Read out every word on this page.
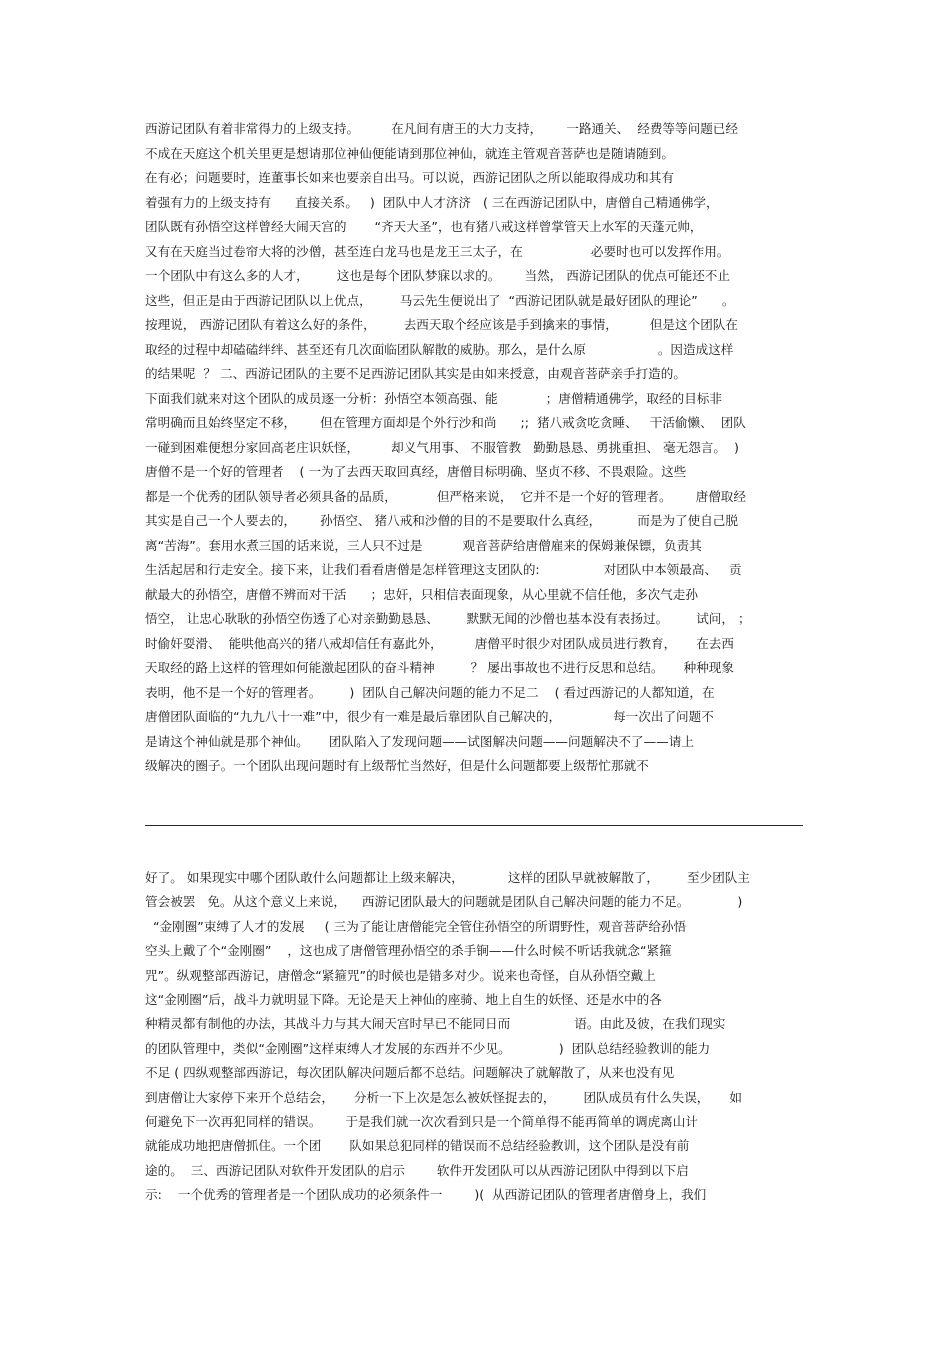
西游记团队有着非常得力的上级支持。        在凡间有唐王的大力支持，      一路通关、  经费等等问题已经
不成在天庭这个机关里更是想请那位神仙便能请到那位神仙，就连主管观音菩萨也是随请随到。
在有必；问题要时，连董事长如来也要亲自出马。可以说，西游记团队之所以能取得成功和其有
着强有力的上级支持有      直接关系。   )  团队中人才济济   ( 三在西游记团队中，唐僧自己精通佛学，
团队既有孙悟空这样曾经大闹天宫的       “齐天大圣”，也有猪八戒这样曾掌管天上水军的天蓬元帅，
又有在天庭当过卷帘大将的沙僧，甚至连白龙马也是龙王三太子，在                 必要时也可以发挥作用。
一个团队中有这么多的人才，       这也是每个团队梦寐以求的。      当然， 西游记团队的优点可能还不止
这些，但正是由于西游记团队以上优点，       马云先生便说出了  “西游记团队就是最好团队的理论”      。
按理说， 西游记团队有着这么好的条件，       去西天取个经应该是手到擒来的事情，        但是这个团队在
取经的过程中却磕磕绊绊、甚至还有几次面临团队解散的威胁。那么，是什么原                  。因造成这样
的结果呢  ？ 二、西游记团队的主要不足西游记团队其实是由如来授意，由观音菩萨亲手打造的。
下面我们就来对这个团队的成员逐一分析：孙悟空本领高强、能            ；唐僧精通佛学，取经的目标非
常明确而且始终坚定不移，      但在管理方面却是个外行沙和尚      ;;  猪八戒贪吃贪睡、   干活偷懒、  团队
一碰到困难便想分家回高老庄识妖怪，        却义气用事、 不服管教   勤勤恳恳、勇挑重担、 毫无怨言。  )
唐僧不是一个好的管理者    ( 一为了去西天取回真经，唐僧目标明确、坚贞不移、不畏艰险。这些
都是一个优秀的团队领导者必须具备的品质，          但严格来说，  它并不是一个好的管理者。      唐僧取经
其实是自己一个人要去的，      孙悟空、 猪八戒和沙僧的目的不是要取什么真经，         而是为了使自己脱
离“苦海”。套用水煮三国的话来说，三人只不过是          观音菩萨给唐僧雇来的保姆兼保镖，负责其
生活起居和行走安全。接下来，让我们看看唐僧是怎样管理这支团队的:                对团队中本领最高、   贡
献最大的孙悟空，唐僧不辨而对干活      ；忠奸，只相信表面现象，从心里就不信任他，多次气走孙
悟空， 让忠心耿耿的孙悟空伤透了心对亲勤勤恳恳、       默默无闻的沙僧也基本没有表扬过。       试问， ；
时偷奸耍滑、  能哄他高兴的猪八戒却信任有嘉此外，        唐僧平时很少对团队成员进行教育，     在去西
天取经的路上这样的管理如何能激起团队的奋斗精神         ？ 屡出事故也不进行反思和总结。     种种现象
表明，他不是一个好的管理者。       )  团队自己解决问题的能力不足二    ( 看过西游记的人都知道，在
唐僧团队面临的“九九八十一难”中，很少有一难是最后靠团队自己解决的，             每一次出了问题不
是请这个神仙就是那个神仙。     团队陷入了发现问题——试图解决问题——问题解决不了——请上
级解决的圈子。一个团队出现问题时有上级帮忙当然好，但是什么问题都要上级帮忙那就不
好了。 如果现实中哪个团队敢什么问题都让上级来解决，           这样的团队早就被解散了，       至少团队主
管会被罢   免。从这个意义上来说，    西游记团队最大的问题就是团队自己解决问题的能力不足。            )
“金刚圈”束缚了人才的发展     ( 三为了能让唐僧能完全管住孙悟空的所谓野性，观音菩萨给孙悟
空头上戴了个“金刚圈”    ，这也成了唐僧管理孙悟空的杀手锏——什么时候不听话我就念“紧箍
咒”。纵观整部西游记，唐僧念“紧箍咒”的时候也是错多对少。说来也奇怪，自从孙悟空戴上
这“金刚圈”后，战斗力就明显下降。无论是天上神仙的座骑、地上自生的妖怪、还是水中的各
种精灵都有制他的办法，其战斗力与其大闹天宫时早已不能同日而                语。由此及彼，在我们现实
的团队管理中，类似“金刚圈”这样束缚人才发展的东西并不少见。            )  团队总结经验教训的能力
不足 ( 四纵观整部西游记，每次团队解决问题后都不总结。问题解决了就解散了，从来也没有见
到唐僧让大家停下来开个总结会，     分析一下上次是怎么被妖怪捉去的，       团队成员有什么失误，     如
何避免下一次再犯同样的错误。      于是我们就一次次看到只是一个简单得不能再简单的调虎离山计
就能成功地把唐僧抓住。一个团       队如果总犯同样的错误而不总结经验教训，这个团队是没有前
途的。  三、西游记团队对软件开发团队的启示        软件开发团队可以从西游记团队中得到以下启
示:    一个优秀的管理者是一个团队成功的必须条件一        )(  从西游记团队的管理者唐僧身上，我们
